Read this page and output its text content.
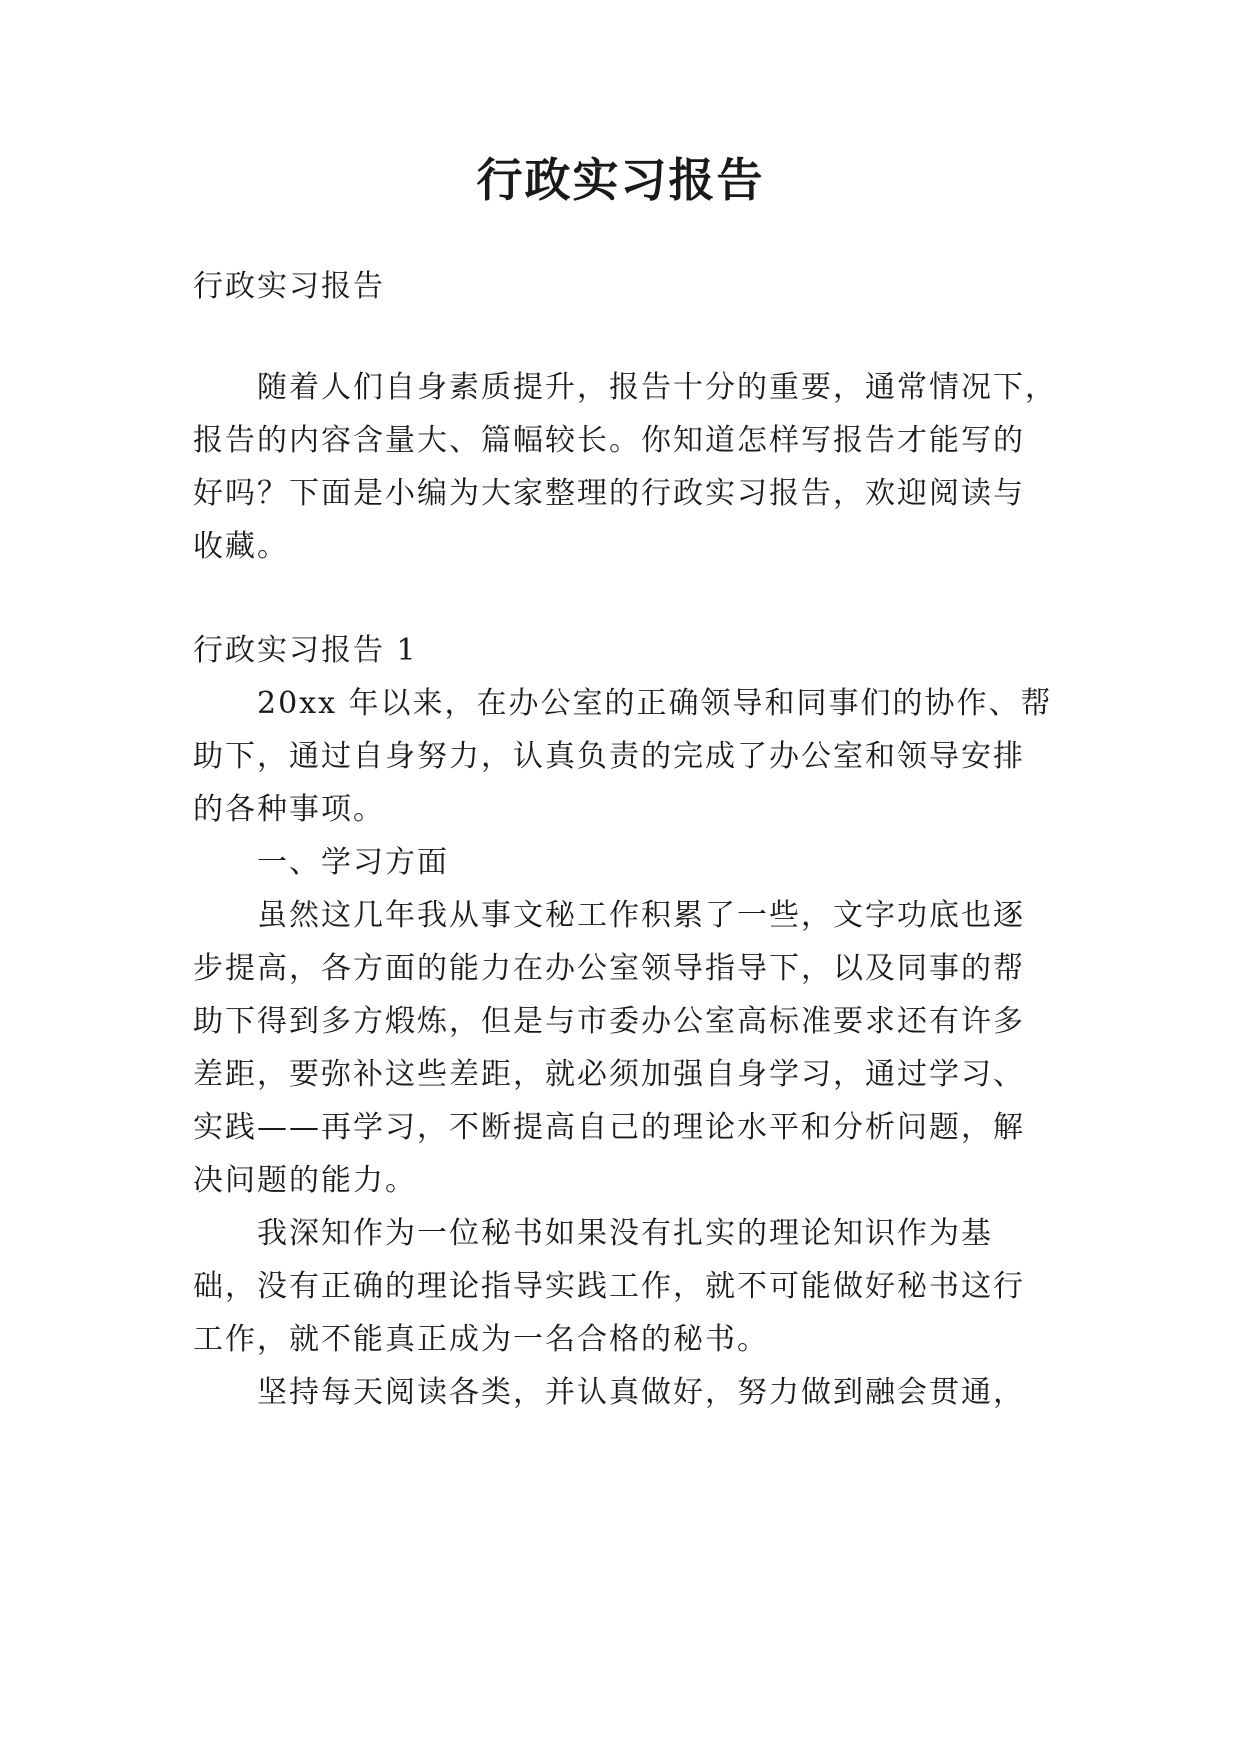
行政实习报告
行政实习报告
随着人们自身素质提升，报告十分的重要，通常情况下，
报告的内容含量大、篇幅较长。你知道怎样写报告才能写的
好吗？下面是小编为大家整理的行政实习报告，欢迎阅读与
收藏。
行政实习报告 1
20xx 年以来，在办公室的正确领导和同事们的协作、帮
助下，通过自身努力，认真负责的完成了办公室和领导安排
的各种事项。
一、学习方面
虽然这几年我从事文秘工作积累了一些，文字功底也逐
步提高，各方面的能力在办公室领导指导下，以及同事的帮
助下得到多方煅炼，但是与市委办公室高标准要求还有许多
差距，要弥补这些差距，就必须加强自身学习，通过学习、
实践——再学习，不断提高自己的理论水平和分析问题，解
决问题的能力。
我深知作为一位秘书如果没有扎实的理论知识作为基
础，没有正确的理论指导实践工作，就不可能做好秘书这行
工作，就不能真正成为一名合格的秘书。
坚持每天阅读各类，并认真做好，努力做到融会贯通，
